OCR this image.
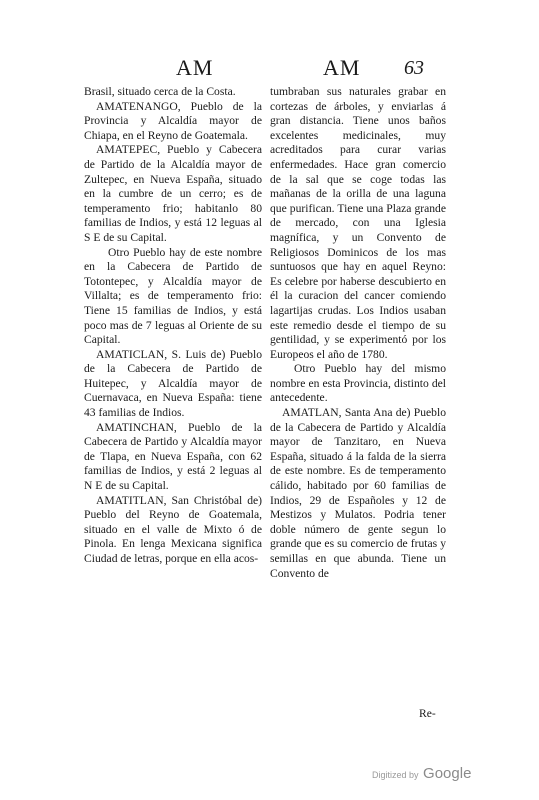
AM	AM 63

Brasil, situado cerca de la Costa.

AMATENANGO, Pueblo de la Provincia y Alcaldía mayor de Chiapa, en el Reyno de Goatemala.

AMATEPEC, Pueblo y Cabecera de Partido de la Alcaldía mayor de Zultepec, en Nueva España, situado en la cumbre de un cerro; es de temperamento frio; habitanlo 80 familias de Indios, y está 12 leguas al S E de su Capital.

Otro Pueblo hay de este nombre en la Cabecera de Partido de Totontepec, y Alcaldía mayor de Villalta; es de temperamento frio: Tiene 15 familias de Indios, y está poco mas de 7 leguas al Oriente de su Capital.

AMATICLAN, S. Luis de) Pueblo de la Cabecera de Partido de Huitepec, y Alcaldía mayor de Cuernavaca, en Nueva España: tiene 43 familias de Indios.

AMATINCHAN, Pueblo de la Cabecera de Partido y Alcaldía mayor de Tlapa, en Nueva España, con 62 familias de Indios, y está 2 leguas al N E de su Capital.

AMATITLAN, San Christóbal de) Pueblo del Reyno de Goatemala, situado en el valle de Mixto ó de Pinola. En lenga Mexicana significa Ciudad de letras, porque en ella acos-

tumbraban sus naturales grabar en cortezas de árboles, y enviarlas á gran distancia. Tiene unos baños excelentes medicinales, muy acreditados para curar varias enfermedades. Hace gran comercio de la sal que se coge todas las mañanas de la orilla de una laguna que purifican. Tiene una Plaza grande de mercado, con una Iglesia magnífica, y un Convento de Religiosos Dominicos de los mas suntuosos que hay en aquel Reyno: Es celebre por haberse descubierto en él la curacion del cancer comiendo lagartijas crudas. Los Indios usaban este remedio desde el tiempo de su gentilidad, y se experimentó por los Europeos el año de 1780.

Otro Pueblo hay del mismo nombre en esta Provincia, distinto del antecedente.

AMATLAN, Santa Ana de) Pueblo de la Cabecera de Partido y Alcaldía mayor de Tanzitaro, en Nueva España, situado á la falda de la sierra de este nombre. Es de temperamento cálido, habitado por 60 familias de Indios, 29 de Españoles y 12 de Mestizos y Mulatos. Podria tener doble número de gente segun lo grande que es su comercio de frutas y semillas en que abunda. Tiene un Convento de

Re-
Digitized by Google
